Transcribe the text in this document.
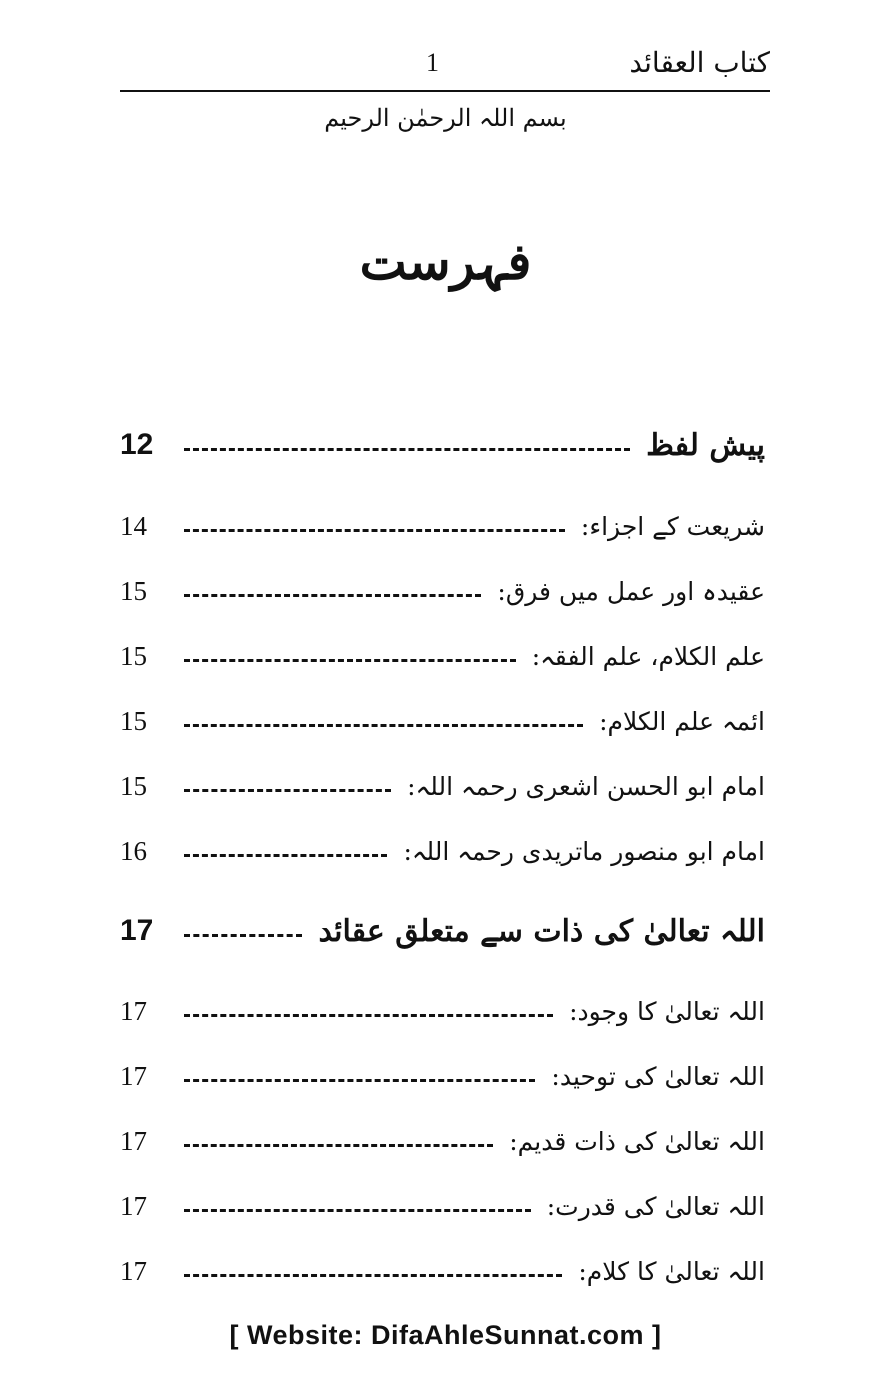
كتاب العقائد
1
بسم اللہ الرحمٰن الرحیم
فہرست
پیش لفظ
12
شریعت کے اجزاء:
14
عقیدہ اور عمل میں فرق:
15
علم الکلام، علم الفقہ:
15
ائمہ علم الکلام:
15
امام ابو الحسن اشعری رحمہ اللہ:
15
امام ابو منصور ماتریدی رحمہ اللہ:
16
اللہ تعالیٰ کی ذات سے متعلق عقائد
17
اللہ تعالیٰ کا وجود:
17
اللہ تعالیٰ کی توحید:
17
اللہ تعالیٰ کی ذات قدیم:
17
اللہ تعالیٰ کی قدرت:
17
اللہ تعالیٰ کا کلام:
17
[ Website: DifaAhleSunnat.com ]
